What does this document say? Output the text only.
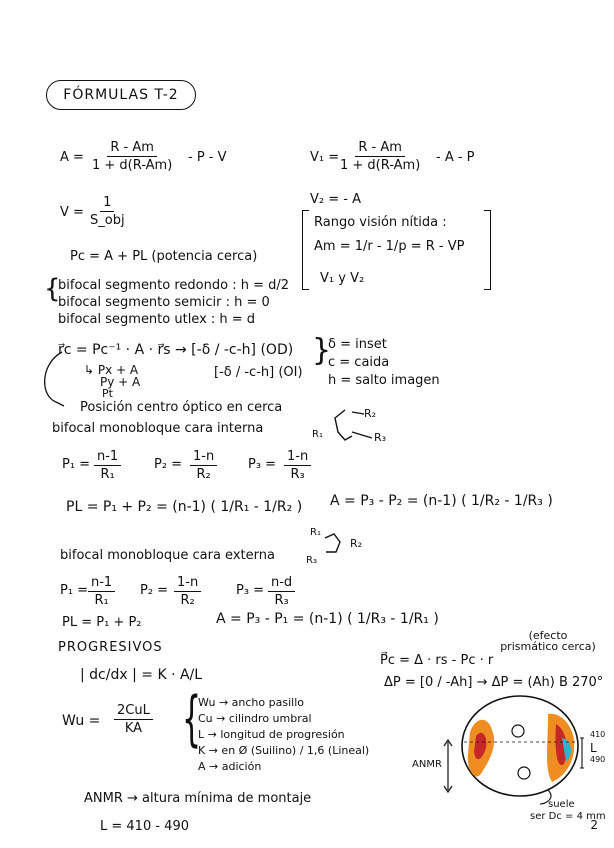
FÓRMULAS T-2
$A = \frac{R - Am}{1 + d(R-Am)} - P - V$	$V_1 = \frac{R - Am}{1 + d(R-Am)} - A - P$
V =
1
S_obj
V₂ = - A
Pc = A + PL (potencia cerca)
Rango visión nítida :
Am = 1/r - 1/p = R - VP
V₁ y V₂
{
bifocal segmento redondo : h = d/2
bifocal segmento semicir : h = 0
bifocal segmento utlex : h = d
r⃗c = Pc⁻¹ · A · r⃗s → [-δ / -c-h] (OD)
[-δ / -c-h] (OI)
↳ Px + A
Py + A
Pt
}
δ = inset
c = caida
h = salto imagen
Posición centro óptico en cerca
bifocal monobloque cara interna	R₁
R₂
R₃
$P_1 = \frac{n-1}{\text{R₁}}$	$P_2 = \frac{1-n}{\text{R₂}} P_3 = \frac{1-n}{\text{R₃}}$
PL = P₁ + P₂ = (n-1) ( 1/R₁ - 1/R₂ ) A = P₃ - P₂ = (n-1) ( 1/R₂ - 1/R₃ )
bifocal monobloque cara externa
R₁
R₂
R₃
$P_1 = \frac{n-1}{\text{R₁}} P_2 = \frac{1-n}{\text{R₂}}$	$P_3 = \frac{n-d}{\text{R₃}}$
PL = P₁ + P₂	A = P₃ - P₁ = (n-1) ( 1/R₃ - 1/R₁ )
PROGRESIVOS
| dc/dx | = K · A/L
(efecto prismático cerca)
P⃗c = Δ · rs - Pc · r
ΔP = [0 / -Ah] → ΔP = (Ah) B 270°
Wu =
2CuL
KA {
Wu → ancho pasillo
Cu → cilindro umbral
L → longitud de progresión
K → en Ø (Suilino) / 1,6 (Lineal)
A → adición
ANMR → altura mínima de montaje
L = 410 - 490
ANMR
L
410
490
suele
ser Dc = 4 mm
2
